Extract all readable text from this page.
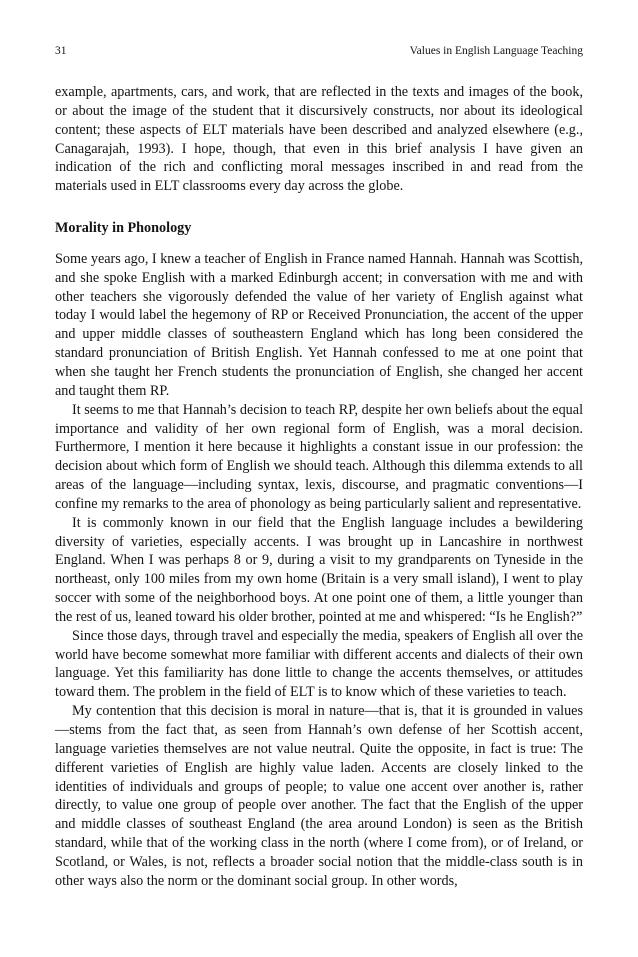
31	Values in English Language Teaching

example, apartments, cars, and work, that are reflected in the texts and images of the book, or about the image of the student that it discursively constructs, nor about its ideological content; these aspects of ELT materials have been described and analyzed elsewhere (e.g., Canagarajah, 1993). I hope, though, that even in this brief analysis I have given an indication of the rich and conflicting moral messages inscribed in and read from the materials used in ELT classrooms every day across the globe.

Morality in Phonology

Some years ago, I knew a teacher of English in France named Hannah. Hannah was Scottish, and she spoke English with a marked Edinburgh accent; in conversation with me and with other teachers she vigorously defended the value of her variety of English against what today I would label the hegemony of RP or Received Pronunciation, the accent of the upper and upper middle classes of southeastern England which has long been considered the standard pronunciation of British English. Yet Hannah confessed to me at one point that when she taught her French students the pronunciation of English, she changed her accent and taught them RP.

It seems to me that Hannah’s decision to teach RP, despite her own beliefs about the equal importance and validity of her own regional form of English, was a moral decision. Furthermore, I mention it here because it highlights a constant issue in our profession: the decision about which form of English we should teach. Although this dilemma extends to all areas of the language—including syntax, lexis, discourse, and pragmatic conventions—I confine my remarks to the area of phonology as being particularly salient and representative.

It is commonly known in our field that the English language includes a bewildering diversity of varieties, especially accents. I was brought up in Lancashire in northwest England. When I was perhaps 8 or 9, during a visit to my grandparents on Tyneside in the northeast, only 100 miles from my own home (Britain is a very small island), I went to play soccer with some of the neighborhood boys. At one point one of them, a little younger than the rest of us, leaned toward his older brother, pointed at me and whispered: “Is he English?”

Since those days, through travel and especially the media, speakers of English all over the world have become somewhat more familiar with different accents and dialects of their own language. Yet this familiarity has done little to change the accents themselves, or attitudes toward them. The problem in the field of ELT is to know which of these varieties to teach.

My contention that this decision is moral in nature—that is, that it is grounded in values—stems from the fact that, as seen from Hannah’s own defense of her Scottish accent, language varieties themselves are not value neutral. Quite the opposite, in fact is true: The different varieties of English are highly value laden. Accents are closely linked to the identities of individuals and groups of people; to value one accent over another is, rather directly, to value one group of people over another. The fact that the English of the upper and middle classes of southeast England (the area around London) is seen as the British standard, while that of the working class in the north (where I come from), or of Ireland, or Scotland, or Wales, is not, reflects a broader social notion that the middle-class south is in other ways also the norm or the dominant social group. In other words,
